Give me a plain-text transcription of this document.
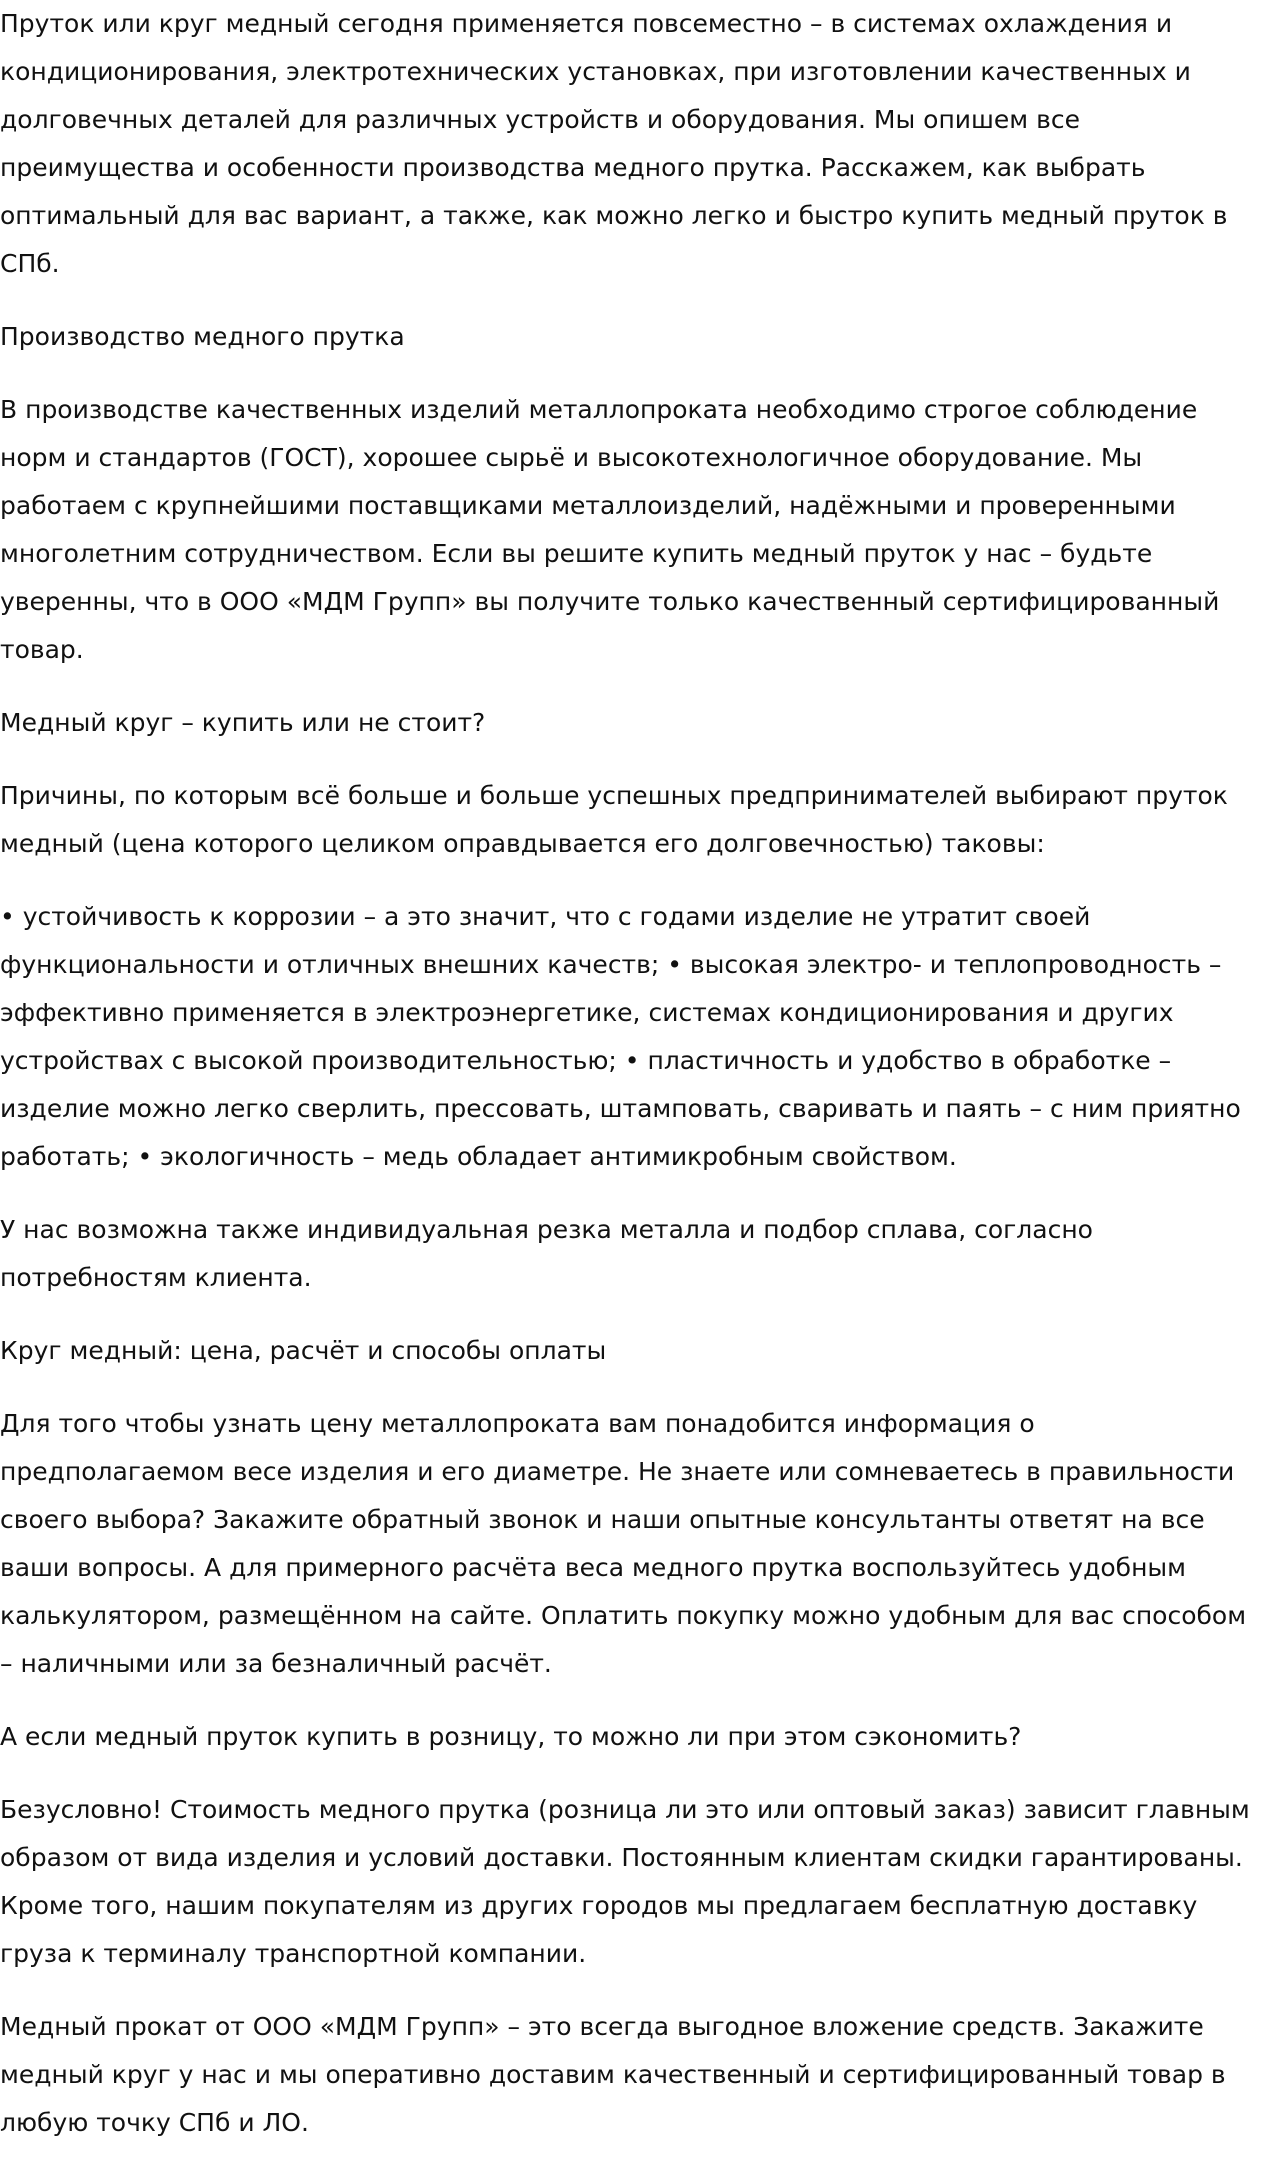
Пруток или круг медный сегодня применяется повсеместно – в системах охлаждения и кондиционирования, электротехнических установках, при изготовлении качественных и долговечных деталей для различных устройств и оборудования. Мы опишем все преимущества и особенности производства медного прутка. Расскажем, как выбрать оптимальный для вас вариант, а также, как можно легко и быстро купить медный пруток в СПб.

Производство медного прутка

В производстве качественных изделий металлопроката необходимо строгое соблюдение норм и стандартов (ГОСТ), хорошее сырьё и высокотехнологичное оборудование. Мы работаем с крупнейшими поставщиками металлоизделий, надёжными и проверенными многолетним сотрудничеством. Если вы решите купить медный пруток у нас – будьте уверенны, что в ООО «МДМ Групп» вы получите только качественный сертифицированный товар.

Медный круг – купить или не стоит?

Причины, по которым всё больше и больше успешных предпринимателей выбирают пруток медный (цена которого целиком оправдывается его долговечностью) таковы:

• устойчивость к коррозии – а это значит, что с годами изделие не утратит своей функциональности и отличных внешних качеств; • высокая электро- и теплопроводность – эффективно применяется в электроэнергетике, системах кондиционирования и других устройствах с высокой производительностью; • пластичность и удобство в обработке – изделие можно легко сверлить, прессовать, штамповать, сваривать и паять – с ним приятно работать; • экологичность – медь обладает антимикробным свойством.

У нас возможна также индивидуальная резка металла и подбор сплава, согласно потребностям клиента.

Круг медный: цена, расчёт и способы оплаты

Для того чтобы узнать цену металлопроката вам понадобится информация о предполагаемом весе изделия и его диаметре. Не знаете или сомневаетесь в правильности своего выбора? Закажите обратный звонок и наши опытные консультанты ответят на все ваши вопросы. А для примерного расчёта веса медного прутка воспользуйтесь удобным калькулятором, размещённом на сайте. Оплатить покупку можно удобным для вас способом – наличными или за безналичный расчёт.

А если медный пруток купить в розницу, то можно ли при этом сэкономить?

Безусловно! Стоимость медного прутка (розница ли это или оптовый заказ) зависит главным образом от вида изделия и условий доставки. Постоянным клиентам скидки гарантированы. Кроме того, нашим покупателям из других городов мы предлагаем бесплатную доставку груза к терминалу транспортной компании.

Медный прокат от ООО «МДМ Групп» – это всегда выгодное вложение средств. Закажите медный круг у нас и мы оперативно доставим качественный и сертифицированный товар в любую точку СПб и ЛО.
